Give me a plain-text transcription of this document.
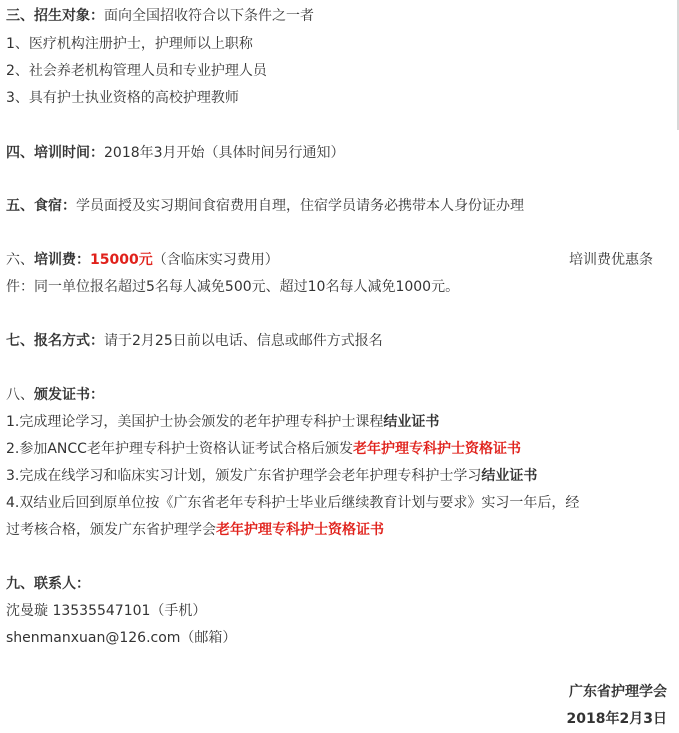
三、招生对象：面向全国招收符合以下条件之一者
1、医疗机构注册护士，护理师以上职称
2、社会养老机构管理人员和专业护理人员
3、具有护士执业资格的高校护理教师
四、培训时间：2018年3月开始（具体时间另行通知）
五、食宿：学员面授及实习期间食宿费用自理，住宿学员请务必携带本人身份证办理
六、培训费：15000元（含临床实习费用）	培训费优惠条
件：同一单位报名超过5名每人减免500元、超过10名每人减免1000元。
七、报名方式：请于2月25日前以电话、信息或邮件方式报名
八、颁发证书：
1.完成理论学习，美国护士协会颁发的老年护理专科护士课程结业证书
2.参加ANCC老年护理专科护士资格认证考试合格后颁发老年护理专科护士资格证书
3.完成在线学习和临床实习计划，颁发广东省护理学会老年护理专科护士学习结业证书
4.双结业后回到原单位按《广东省老年专科护士毕业后继续教育计划与要求》实习一年后，经
过考核合格，颁发广东省护理学会老年护理专科护士资格证书
九、联系人：
沈曼璇 13535547101（手机）
shenmanxuan@126.com（邮箱）
广东省护理学会
2018年2月3日
